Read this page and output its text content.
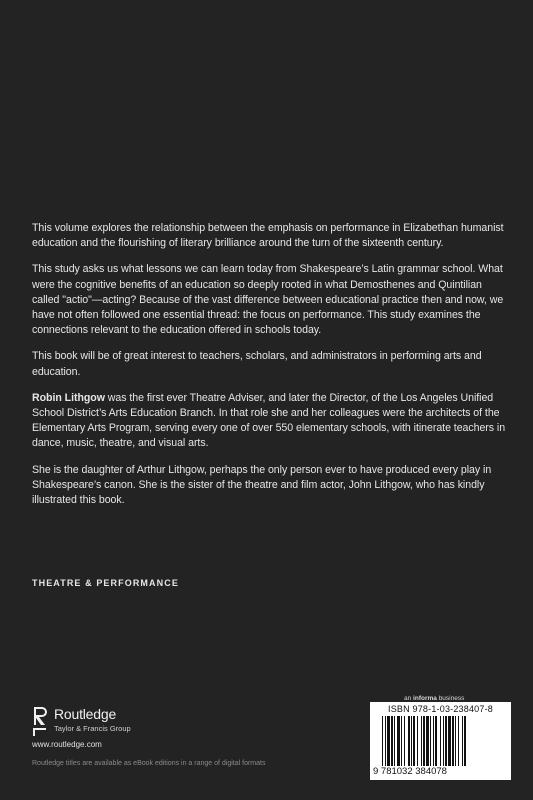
This volume explores the relationship between the emphasis on performance in Elizabethan humanist education and the flourishing of literary brilliance around the turn of the sixteenth century.

This study asks us what lessons we can learn today from Shakespeare’s Latin grammar school. What were the cognitive benefits of an education so deeply rooted in what Demosthenes and Quintilian called "actio"—acting? Because of the vast difference between educational practice then and now, we have not often followed one essential thread: the focus on performance. This study examines the connections relevant to the education offered in schools today.

This book will be of great interest to teachers, scholars, and administrators in performing arts and education.

Robin Lithgow was the first ever Theatre Adviser, and later the Director, of the Los Angeles Unified School District’s Arts Education Branch. In that role she and her colleagues were the architects of the Elementary Arts Program, serving every one of over 550 elementary schools, with itinerate teachers in dance, music, theatre, and visual arts.

She is the daughter of Arthur Lithgow, perhaps the only person ever to have produced every play in Shakespeare’s canon. She is the sister of the theatre and film actor, John Lithgow, who has kindly illustrated this book.

THEATRE & PERFORMANCE
Routledge
Taylor & Francis Group
www.routledge.com
Routledge titles are available as eBook editions in a range of digital formats
an informa business
ISBN 978-1-03-238407-8
9 781032 384078
